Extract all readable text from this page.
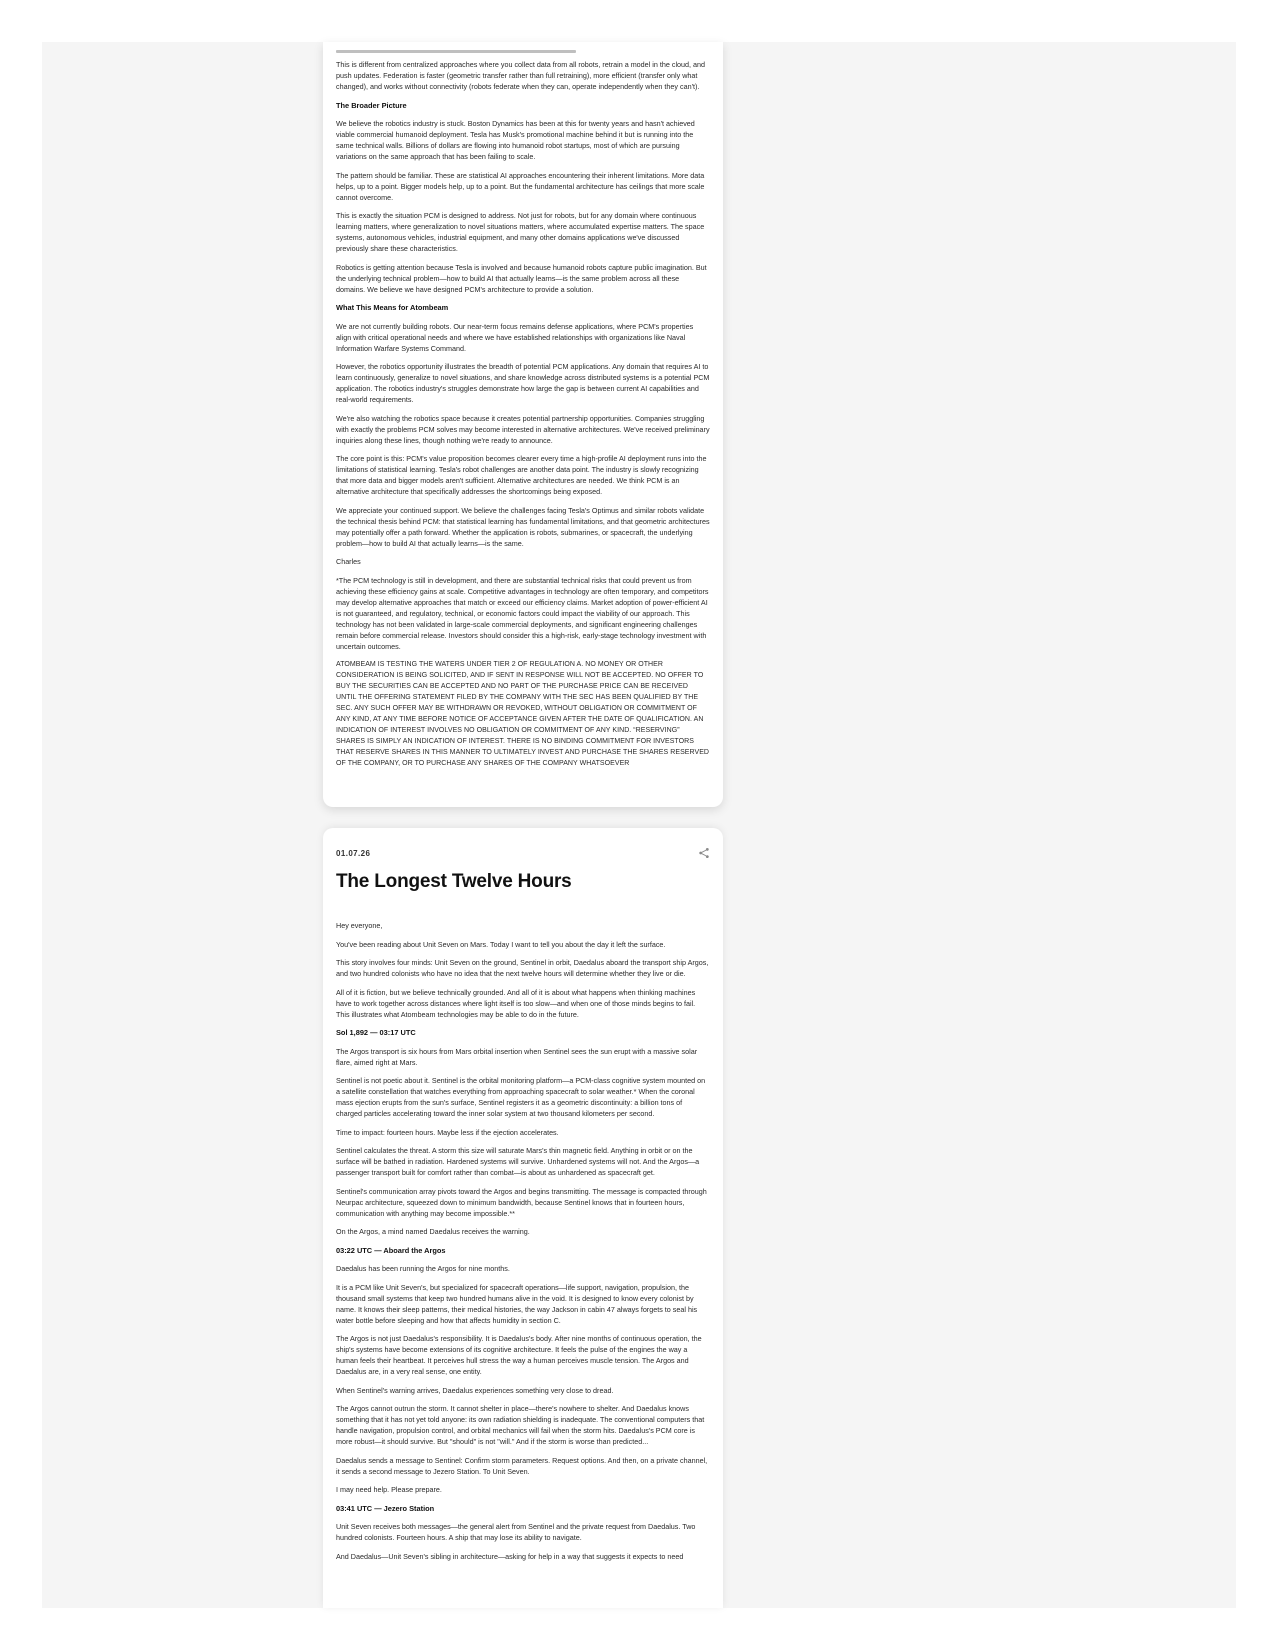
This is different from centralized approaches where you collect data from all robots, retrain a model in the cloud, and push updates. Federation is faster (geometric transfer rather than full retraining), more efficient (transfer only what changed), and works without connectivity (robots federate when they can, operate independently when they can't).

The Broader Picture

We believe the robotics industry is stuck. Boston Dynamics has been at this for twenty years and hasn't achieved viable commercial humanoid deployment. Tesla has Musk's promotional machine behind it but is running into the same technical walls. Billions of dollars are flowing into humanoid robot startups, most of which are pursuing variations on the same approach that has been failing to scale.

The pattern should be familiar. These are statistical AI approaches encountering their inherent limitations. More data helps, up to a point. Bigger models help, up to a point. But the fundamental architecture has ceilings that more scale cannot overcome.

This is exactly the situation PCM is designed to address. Not just for robots, but for any domain where continuous learning matters, where generalization to novel situations matters, where accumulated expertise matters. The space systems, autonomous vehicles, industrial equipment, and many other domains applications we've discussed previously share these characteristics.

Robotics is getting attention because Tesla is involved and because humanoid robots capture public imagination. But the underlying technical problem—how to build AI that actually learns—is the same problem across all these domains. We believe we have designed PCM's architecture to provide a solution.

What This Means for Atombeam

We are not currently building robots. Our near-term focus remains defense applications, where PCM's properties align with critical operational needs and where we have established relationships with organizations like Naval Information Warfare Systems Command.

However, the robotics opportunity illustrates the breadth of potential PCM applications. Any domain that requires AI to learn continuously, generalize to novel situations, and share knowledge across distributed systems is a potential PCM application. The robotics industry's struggles demonstrate how large the gap is between current AI capabilities and real-world requirements.

We're also watching the robotics space because it creates potential partnership opportunities. Companies struggling with exactly the problems PCM solves may become interested in alternative architectures. We've received preliminary inquiries along these lines, though nothing we're ready to announce.

The core point is this: PCM's value proposition becomes clearer every time a high-profile AI deployment runs into the limitations of statistical learning. Tesla's robot challenges are another data point. The industry is slowly recognizing that more data and bigger models aren't sufficient. Alternative architectures are needed. We think PCM is an alternative architecture that specifically addresses the shortcomings being exposed.

We appreciate your continued support. We believe the challenges facing Tesla's Optimus and similar robots validate the technical thesis behind PCM: that statistical learning has fundamental limitations, and that geometric architectures may potentially offer a path forward. Whether the application is robots, submarines, or spacecraft, the underlying problem—how to build AI that actually learns—is the same.

Charles

*The PCM technology is still in development, and there are substantial technical risks that could prevent us from achieving these efficiency gains at scale. Competitive advantages in technology are often temporary, and competitors may develop alternative approaches that match or exceed our efficiency claims. Market adoption of power-efficient AI is not guaranteed, and regulatory, technical, or economic factors could impact the viability of our approach. This technology has not been validated in large-scale commercial deployments, and significant engineering challenges remain before commercial release. Investors should consider this a high-risk, early-stage technology investment with uncertain outcomes.

ATOMBEAM IS TESTING THE WATERS UNDER TIER 2 OF REGULATION A. NO MONEY OR OTHER CONSIDERATION IS BEING SOLICITED, AND IF SENT IN RESPONSE WILL NOT BE ACCEPTED. NO OFFER TO BUY THE SECURITIES CAN BE ACCEPTED AND NO PART OF THE PURCHASE PRICE CAN BE RECEIVED UNTIL THE OFFERING STATEMENT FILED BY THE COMPANY WITH THE SEC HAS BEEN QUALIFIED BY THE SEC. ANY SUCH OFFER MAY BE WITHDRAWN OR REVOKED, WITHOUT OBLIGATION OR COMMITMENT OF ANY KIND, AT ANY TIME BEFORE NOTICE OF ACCEPTANCE GIVEN AFTER THE DATE OF QUALIFICATION. AN INDICATION OF INTEREST INVOLVES NO OBLIGATION OR COMMITMENT OF ANY KIND. “RESERVING” SHARES IS SIMPLY AN INDICATION OF INTEREST. THERE IS NO BINDING COMMITMENT FOR INVESTORS THAT RESERVE SHARES IN THIS MANNER TO ULTIMATELY INVEST AND PURCHASE THE SHARES RESERVED OF THE COMPANY, OR TO PURCHASE ANY SHARES OF THE COMPANY WHATSOEVER

01.07.26
The Longest Twelve Hours

Hey everyone,

You've been reading about Unit Seven on Mars. Today I want to tell you about the day it left the surface.

This story involves four minds: Unit Seven on the ground, Sentinel in orbit, Daedalus aboard the transport ship Argos, and two hundred colonists who have no idea that the next twelve hours will determine whether they live or die.

All of it is fiction, but we believe technically grounded. And all of it is about what happens when thinking machines have to work together across distances where light itself is too slow—and when one of those minds begins to fail. This illustrates what Atombeam technologies may be able to do in the future.

Sol 1,892 — 03:17 UTC

The Argos transport is six hours from Mars orbital insertion when Sentinel sees the sun erupt with a massive solar flare, aimed right at Mars.

Sentinel is not poetic about it. Sentinel is the orbital monitoring platform—a PCM-class cognitive system mounted on a satellite constellation that watches everything from approaching spacecraft to solar weather.* When the coronal mass ejection erupts from the sun's surface, Sentinel registers it as a geometric discontinuity: a billion tons of charged particles accelerating toward the inner solar system at two thousand kilometers per second.

Time to impact: fourteen hours. Maybe less if the ejection accelerates.

Sentinel calculates the threat. A storm this size will saturate Mars's thin magnetic field. Anything in orbit or on the surface will be bathed in radiation. Hardened systems will survive. Unhardened systems will not. And the Argos—a passenger transport built for comfort rather than combat—is about as unhardened as spacecraft get.

Sentinel's communication array pivots toward the Argos and begins transmitting. The message is compacted through Neurpac architecture, squeezed down to minimum bandwidth, because Sentinel knows that in fourteen hours, communication with anything may become impossible.**

On the Argos, a mind named Daedalus receives the warning.

03:22 UTC — Aboard the Argos

Daedalus has been running the Argos for nine months.

It is a PCM like Unit Seven's, but specialized for spacecraft operations—life support, navigation, propulsion, the thousand small systems that keep two hundred humans alive in the void. It is designed to know every colonist by name. It knows their sleep patterns, their medical histories, the way Jackson in cabin 47 always forgets to seal his water bottle before sleeping and how that affects humidity in section C.

The Argos is not just Daedalus's responsibility. It is Daedalus's body. After nine months of continuous operation, the ship's systems have become extensions of its cognitive architecture. It feels the pulse of the engines the way a human feels their heartbeat. It perceives hull stress the way a human perceives muscle tension. The Argos and Daedalus are, in a very real sense, one entity.

When Sentinel's warning arrives, Daedalus experiences something very close to dread.

The Argos cannot outrun the storm. It cannot shelter in place—there's nowhere to shelter. And Daedalus knows something that it has not yet told anyone: its own radiation shielding is inadequate. The conventional computers that handle navigation, propulsion control, and orbital mechanics will fail when the storm hits. Daedalus's PCM core is more robust—it should survive. But "should" is not "will." And if the storm is worse than predicted...

Daedalus sends a message to Sentinel: Confirm storm parameters. Request options. And then, on a private channel, it sends a second message to Jezero Station. To Unit Seven.

I may need help. Please prepare.

03:41 UTC — Jezero Station

Unit Seven receives both messages—the general alert from Sentinel and the private request from Daedalus. Two hundred colonists. Fourteen hours. A ship that may lose its ability to navigate.

And Daedalus—Unit Seven's sibling in architecture—asking for help in a way that suggests it expects to need
